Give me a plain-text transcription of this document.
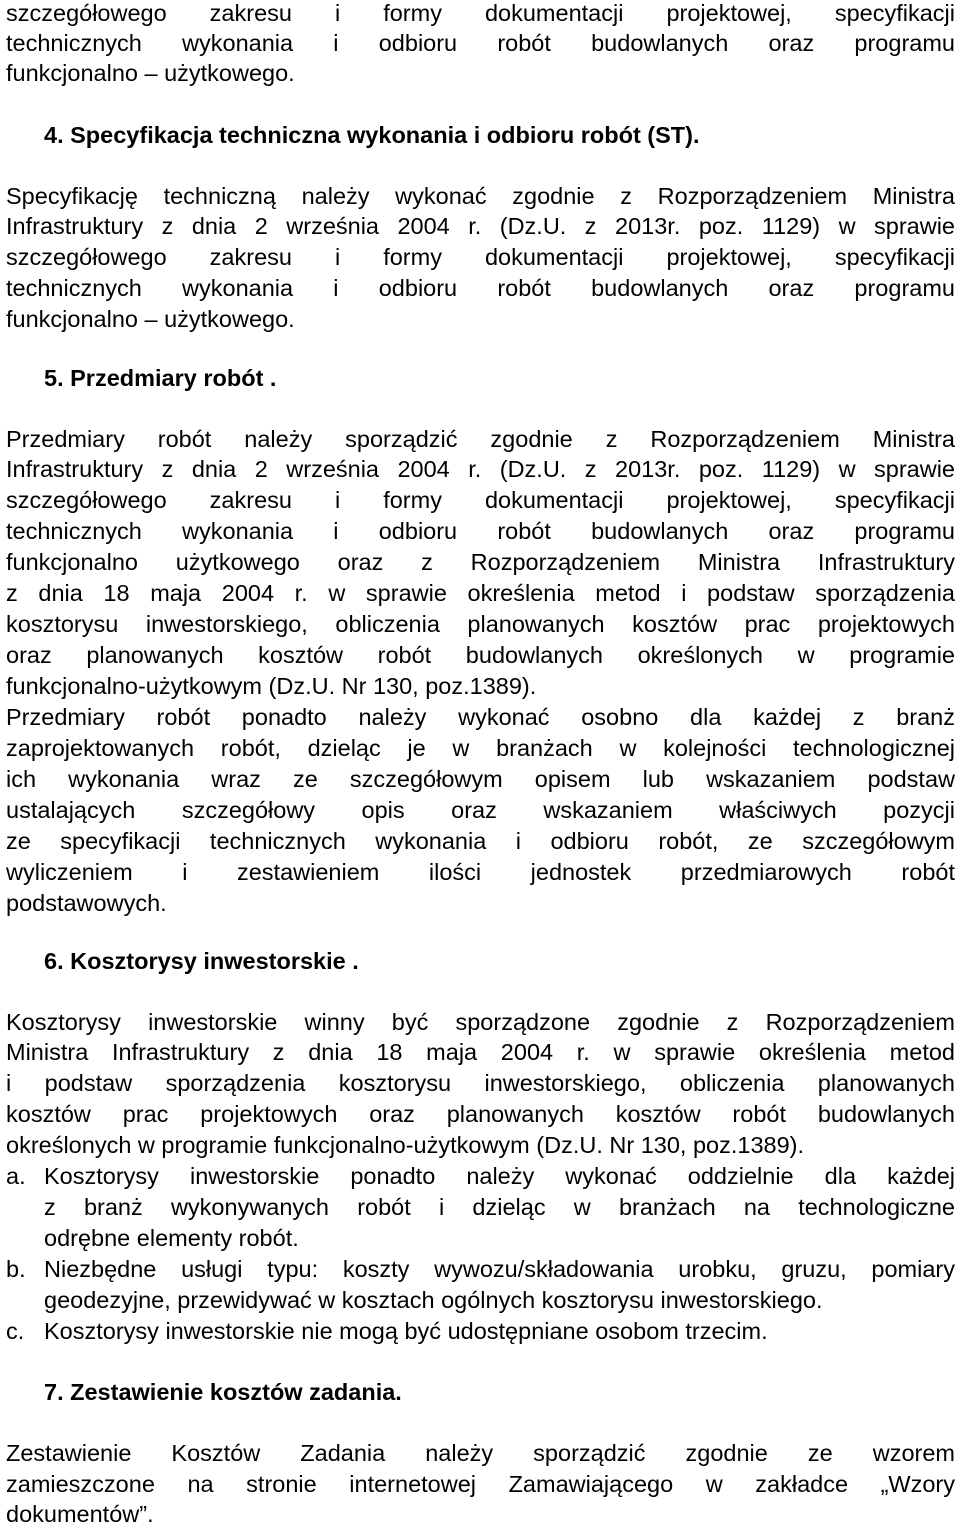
szczegółowego zakresu i formy dokumentacji projektowej, specyfikacji
technicznych wykonania i odbioru robót budowlanych oraz programu
funkcjonalno – użytkowego.
4. Specyfikacja techniczna wykonania i odbioru robót (ST).
Specyfikację techniczną należy wykonać zgodnie z Rozporządzeniem Ministra
Infrastruktury z dnia 2 września 2004 r. (Dz.U. z 2013r. poz. 1129) w sprawie
szczegółowego zakresu i formy dokumentacji projektowej, specyfikacji
technicznych wykonania i odbioru robót budowlanych oraz programu
funkcjonalno – użytkowego.
5. Przedmiary robót .
Przedmiary robót należy sporządzić zgodnie z Rozporządzeniem Ministra
Infrastruktury z dnia 2 września 2004 r. (Dz.U. z 2013r. poz. 1129) w sprawie
szczegółowego zakresu i formy dokumentacji projektowej, specyfikacji
technicznych wykonania i odbioru robót budowlanych oraz programu
funkcjonalno użytkowego oraz z Rozporządzeniem Ministra Infrastruktury
z dnia 18 maja 2004 r. w sprawie określenia metod i podstaw sporządzenia
kosztorysu inwestorskiego, obliczenia planowanych kosztów prac projektowych
oraz planowanych kosztów robót budowlanych określonych w programie
funkcjonalno-użytkowym (Dz.U. Nr 130, poz.1389).
Przedmiary robót ponadto należy wykonać osobno dla każdej z branż
zaprojektowanych robót, dzieląc je w branżach w kolejności technologicznej
ich wykonania wraz ze szczegółowym opisem lub wskazaniem podstaw
ustalających szczegółowy opis oraz wskazaniem właściwych pozycji
ze specyfikacji technicznych wykonania i odbioru robót, ze szczegółowym
wyliczeniem i zestawieniem ilości jednostek przedmiarowych robót
podstawowych.
6. Kosztorysy inwestorskie .
Kosztorysy inwestorskie winny być sporządzone zgodnie z Rozporządzeniem
Ministra Infrastruktury z dnia 18 maja 2004 r. w sprawie określenia metod
i podstaw sporządzenia kosztorysu inwestorskiego, obliczenia planowanych
kosztów prac projektowych oraz planowanych kosztów robót budowlanych
określonych w programie funkcjonalno-użytkowym (Dz.U. Nr 130, poz.1389).
a. Kosztorysy inwestorskie ponadto należy wykonać oddzielnie dla każdej
z branż wykonywanych robót i dzieląc w branżach na technologiczne
odrębne elementy robót.
b. Niezbędne usługi typu: koszty wywozu/składowania urobku, gruzu, pomiary
geodezyjne, przewidywać w kosztach ogólnych kosztorysu inwestorskiego.
c. Kosztorysy inwestorskie nie mogą być udostępniane osobom trzecim.
7. Zestawienie kosztów zadania.
Zestawienie Kosztów Zadania należy sporządzić zgodnie ze wzorem
zamieszczone na stronie internetowej Zamawiającego w zakładce „Wzory
dokumentów”.
